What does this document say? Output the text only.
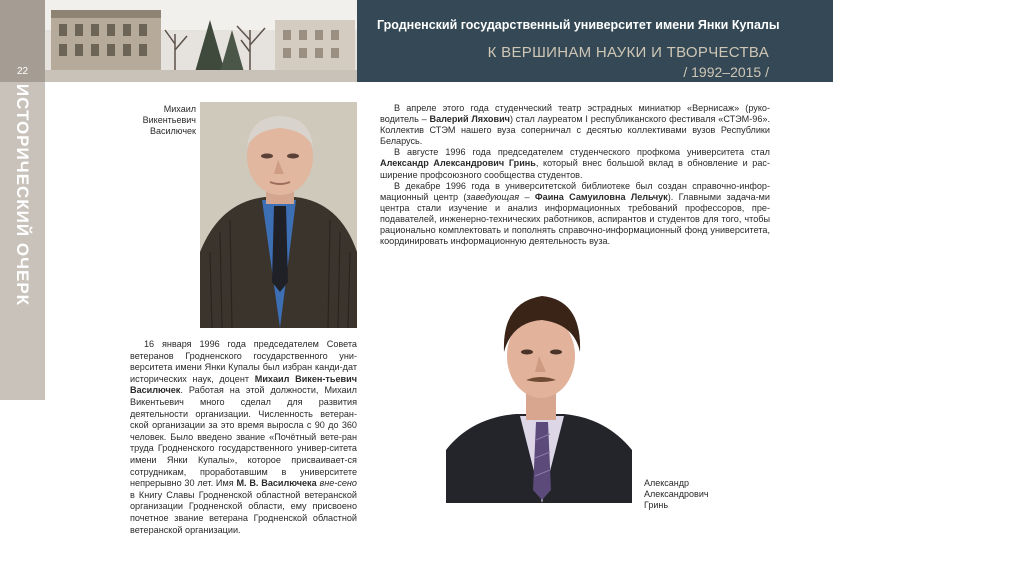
22
ИСТОРИЧЕСКИЙ ОЧЕРК
Гродненский государственный университет имени Янки Купалы
К ВЕРШИНАМ НАУКИ И ТВОРЧЕСТВА
/ 1992–2015 /
Михаил
Викентьевич
Василючек

В апреле этого года студенческий театр эстрадных миниатюр «Вернисаж» (руко-водитель – Валерий Ляхович) стал лауреатом I республиканского фестиваля «СТЭМ-96». Коллектив СТЭМ нашего вуза соперничал с десятью коллективами вузов Республики Беларусь.

В августе 1996 года председателем студенческого профкома университета стал Александр Александрович Гринь, который внес большой вклад в обновление и рас-ширение профсоюзного сообщества студентов.

В декабре 1996 года в университетской библиотеке был создан справочно-инфор-мационный центр (заведующая – Фаина Самуиловна Лельчук). Главными задача-ми центра стали изучение и анализ информационных требований профессоров, пре-подавателей, инженерно-технических работников, аспирантов и студентов для того, чтобы рационально комплектовать и пополнять справочно-информационный фонд университета, координировать информационную деятельность вуза.

16 января 1996 года председателем Совета ветеранов Гродненского государственного уни-верситета имени Янки Купалы был избран канди-дат исторических наук, доцент Михаил Викен-тьевич Василючек. Работая на этой должности, Михаил Викентьевич много сделал для развития деятельности организации. Численность ветеран-ской организации за это время выросла с 90 до 360 человек. Было введено звание «Почётный вете-ран труда Гродненского государственного универ-ситета имени Янки Купалы», которое присваивает-ся сотрудникам, проработавшим в университете непрерывно 30 лет. Имя М. В. Василючека вне-сено в Книгу Славы Гродненской областной ветеранской организации Гродненской области, ему присвоено почетное звание ветерана Гродненской областной ветеранской организации.

Александр
Александрович
Гринь
